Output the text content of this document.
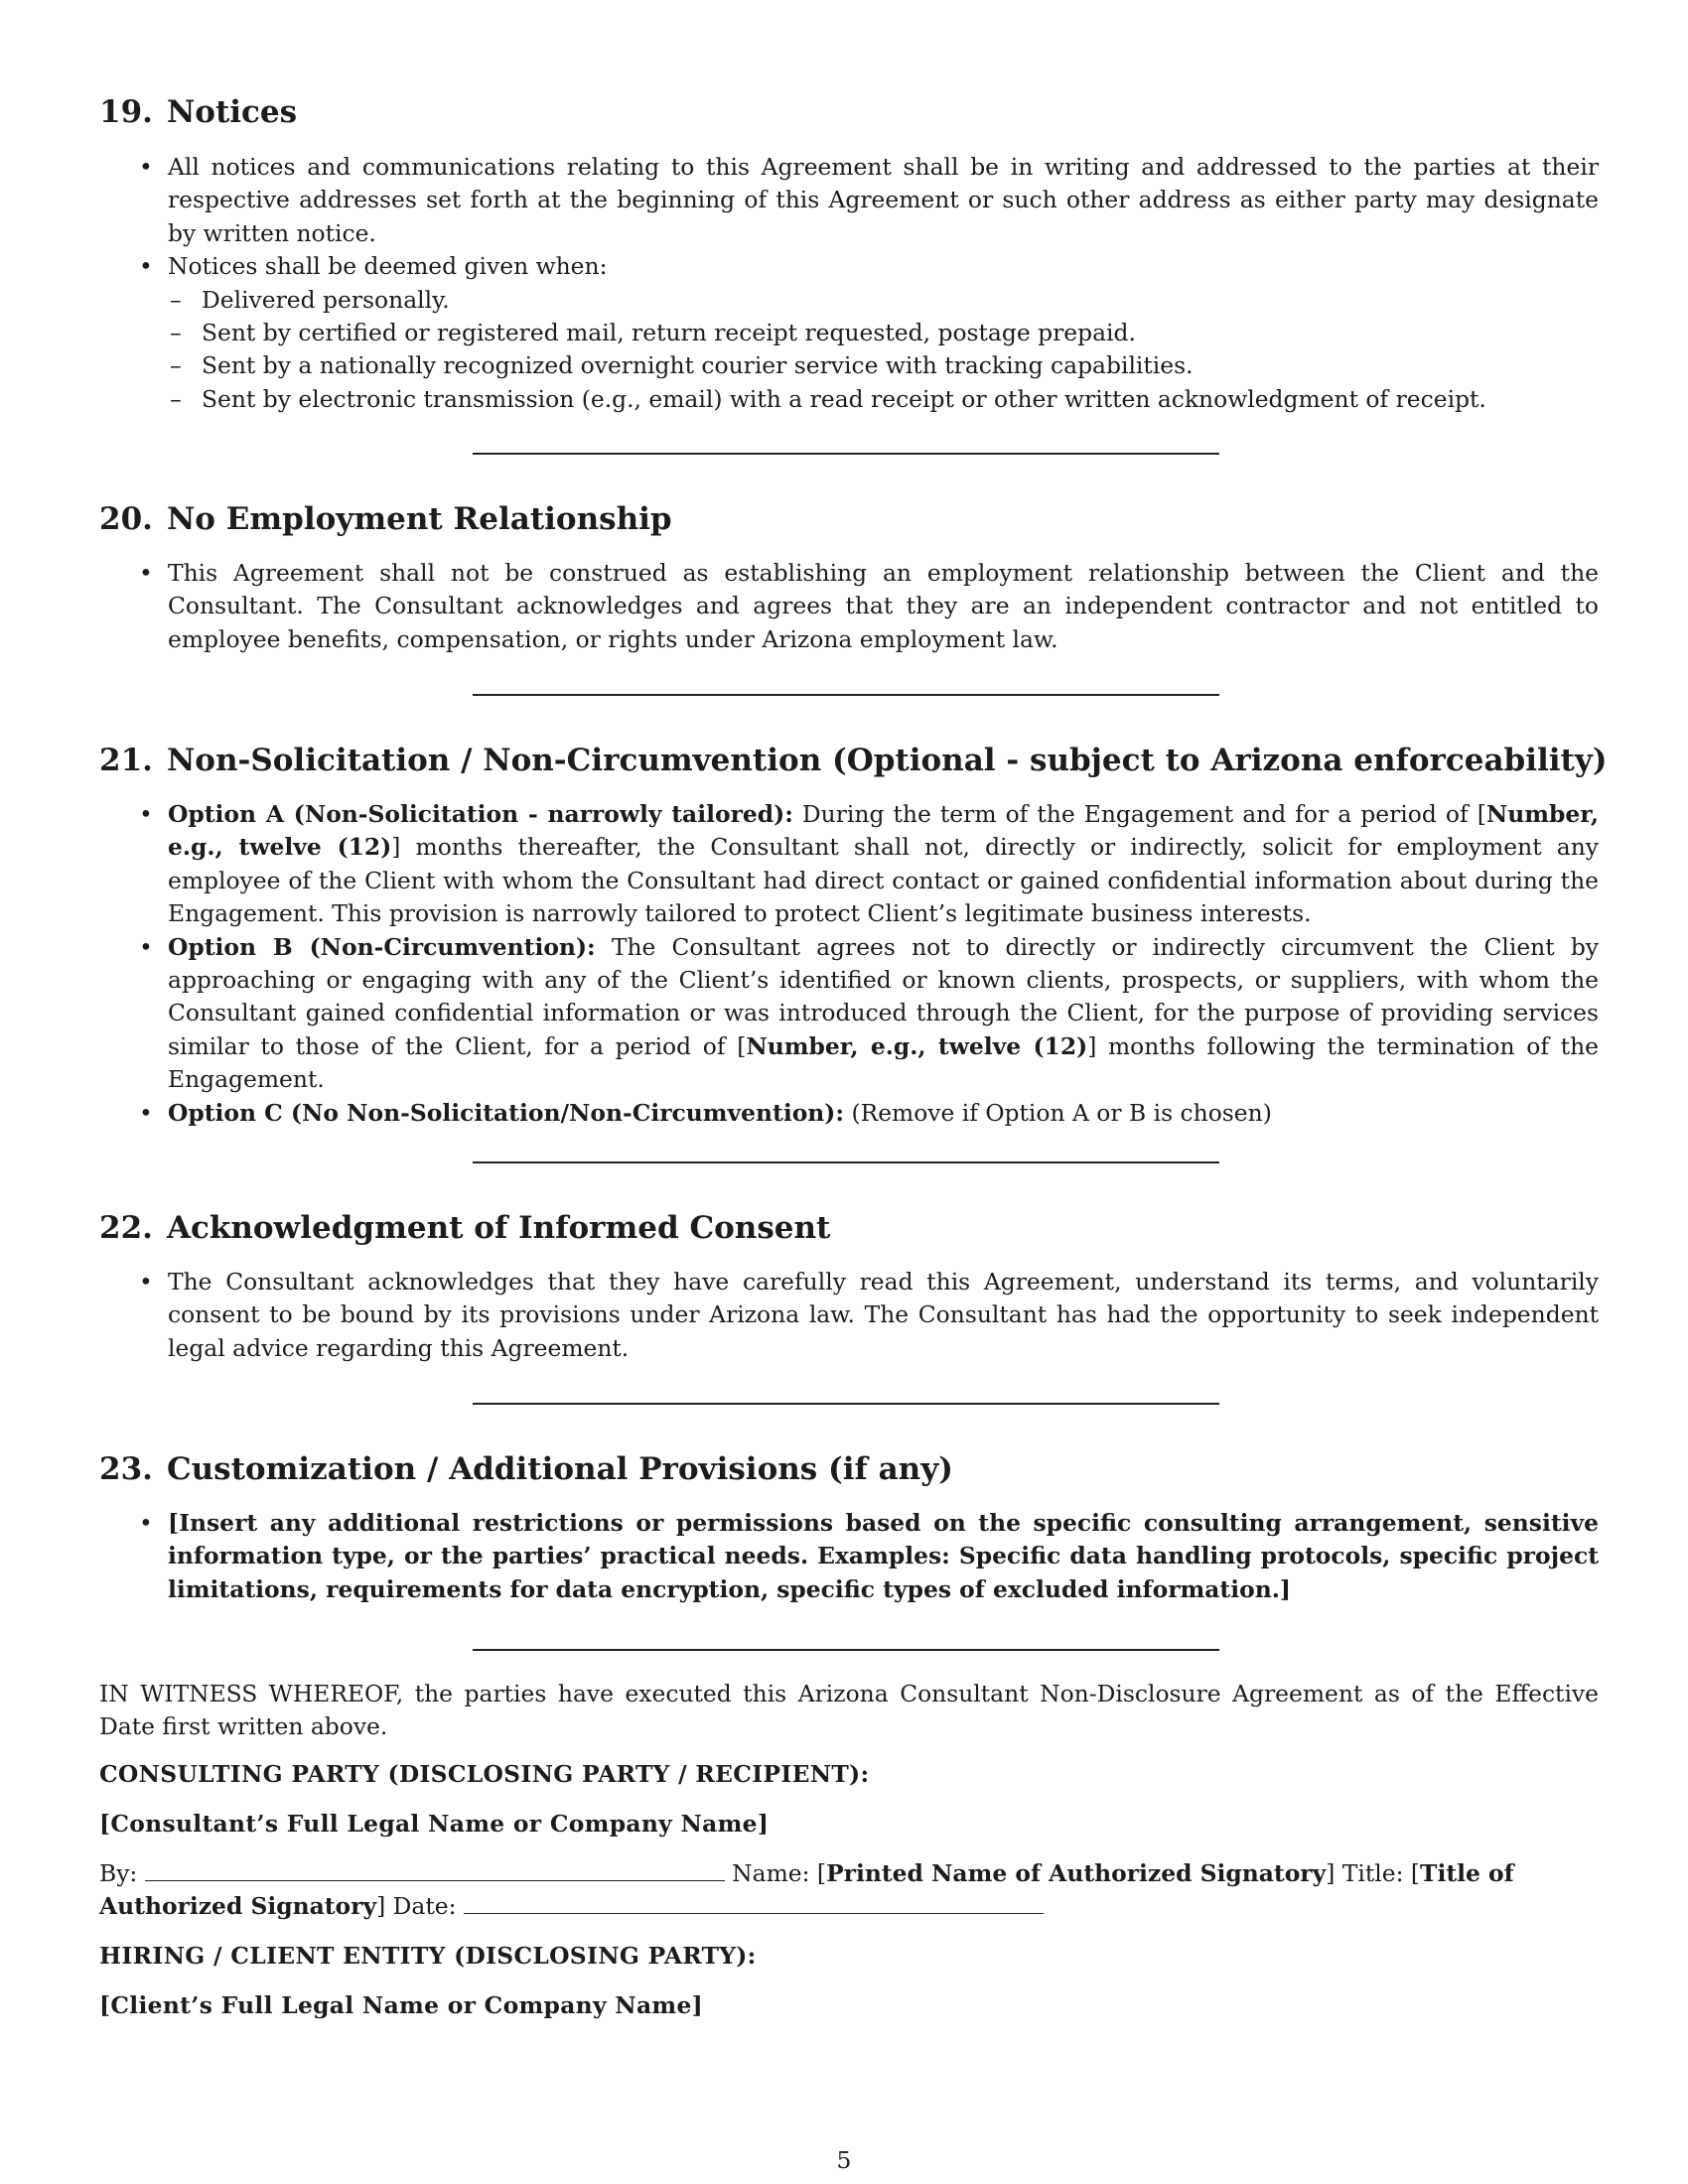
19. Notices
• All notices and communications relating to this Agreement shall be in writing and addressed to the parties at their respective addresses set forth at the beginning of this Agreement or such other address as either party may designate by written notice.
• Notices shall be deemed given when:
– Delivered personally.
– Sent by certified or registered mail, return receipt requested, postage prepaid.
– Sent by a nationally recognized overnight courier service with tracking capabilities.
– Sent by electronic transmission (e.g., email) with a read receipt or other written acknowledgment of receipt.
20. No Employment Relationship
• This Agreement shall not be construed as establishing an employment relationship between the Client and the Consultant. The Consultant acknowledges and agrees that they are an independent contractor and not entitled to employee benefits, compensation, or rights under Arizona employment law.
21. Non-Solicitation / Non-Circumvention (Optional - subject to Arizona enforceability)
• Option A (Non-Solicitation - narrowly tailored): During the term of the Engagement and for a period of [Number, e.g., twelve (12)] months thereafter, the Consultant shall not, directly or indirectly, solicit for employment any employee of the Client with whom the Consultant had direct contact or gained confidential information about during the Engagement. This provision is narrowly tailored to protect Client’s legitimate business interests.
• Option B (Non-Circumvention): The Consultant agrees not to directly or indirectly circumvent the Client by approaching or engaging with any of the Client’s identified or known clients, prospects, or suppliers, with whom the Consultant gained confidential information or was introduced through the Client, for the purpose of providing services similar to those of the Client, for a period of [Number, e.g., twelve (12)] months following the termination of the Engagement.
• Option C (No Non-Solicitation/Non-Circumvention): (Remove if Option A or B is chosen)
22. Acknowledgment of Informed Consent
• The Consultant acknowledges that they have carefully read this Agreement, understand its terms, and voluntarily consent to be bound by its provisions under Arizona law. The Consultant has had the opportunity to seek independent legal advice regarding this Agreement.
23. Customization / Additional Provisions (if any)
• [Insert any additional restrictions or permissions based on the specific consulting arrangement, sensitive information type, or the parties’ practical needs. Examples: Specific data handling protocols, specific project limitations, requirements for data encryption, specific types of excluded information.]

IN WITNESS WHEREOF, the parties have executed this Arizona Consultant Non-Disclosure Agreement as of the Effective Date first written above.

CONSULTING PARTY (DISCLOSING PARTY / RECIPIENT):

[Consultant’s Full Legal Name or Company Name]

By:	Name: [Printed Name of Authorized Signatory] Title: [Title of
Authorized Signatory] Date:

HIRING / CLIENT ENTITY (DISCLOSING PARTY):

[Client’s Full Legal Name or Company Name]

5
